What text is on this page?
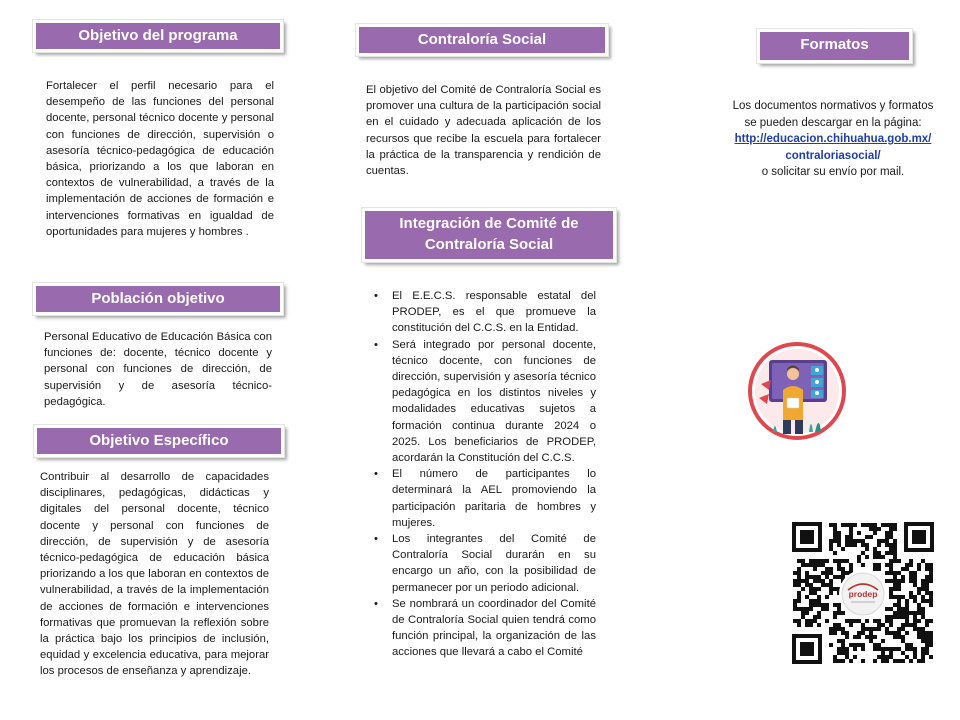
Objetivo del programa

Fortalecer el perfil necesario para el desempeño de las funciones del personal docente, personal técnico docente y personal con funciones de dirección, supervisión o asesoría técnico-pedagógica de educación básica, priorizando a los que laboran en contextos de vulnerabilidad, a través de la implementación de acciones de formación e intervenciones formativas en igualdad de oportunidades para mujeres y hombres .

Población objetivo

Personal Educativo de Educación Básica con funciones de: docente, técnico docente y personal con funciones de dirección, de supervisión y de asesoría técnico-pedagógica.

Objetivo Específico

Contribuir al desarrollo de capacidades disciplinares, pedagógicas, didácticas y digitales del personal docente, técnico docente y personal con funciones de dirección, de supervisión y de asesoría técnico-pedagógica de educación básica priorizando a los que laboran en contextos de vulnerabilidad, a través de la implementación de acciones de formación e intervenciones formativas que promuevan la reflexión sobre la práctica bajo los principios de inclusión, equidad y excelencia educativa, para mejorar los procesos de enseñanza y aprendizaje.

Contraloría Social

El objetivo del Comité de Contraloría Social es promover una cultura de la participación social en el cuidado y adecuada aplicación de los recursos que recibe la escuela para fortalecer la práctica de la transparencia y rendición de cuentas.

Integración de Comité de
Contraloría Social
• El E.E.C.S. responsable estatal del PRODEP, es el que promueve la constitución del C.C.S. en la Entidad.
• Será integrado por personal docente, técnico docente, con funciones de dirección, supervisión y asesoría técnico pedagógica en los distintos niveles y modalidades educativas sujetos a formación continua durante 2024 o 2025. Los beneficiarios de PRODEP, acordarán la Constitución del C.C.S.
• El número de participantes lo determinará la AEL promoviendo la participación paritaria de hombres y mujeres.
• Los integrantes del Comité de Contraloría Social durarán en su encargo un año, con la posibilidad de permanecer por un periodo adicional.
• Se nombrará un coordinador del Comité de Contraloría Social quien tendrá como función principal, la organización de las acciones que llevará a cabo el Comité
Formatos
Los documentos normativos y formatos
se pueden descargar en la página:
http://educacion.chihuahua.gob.mx/
contraloriasocial/
o solicitar su envío por mail.
prodep
